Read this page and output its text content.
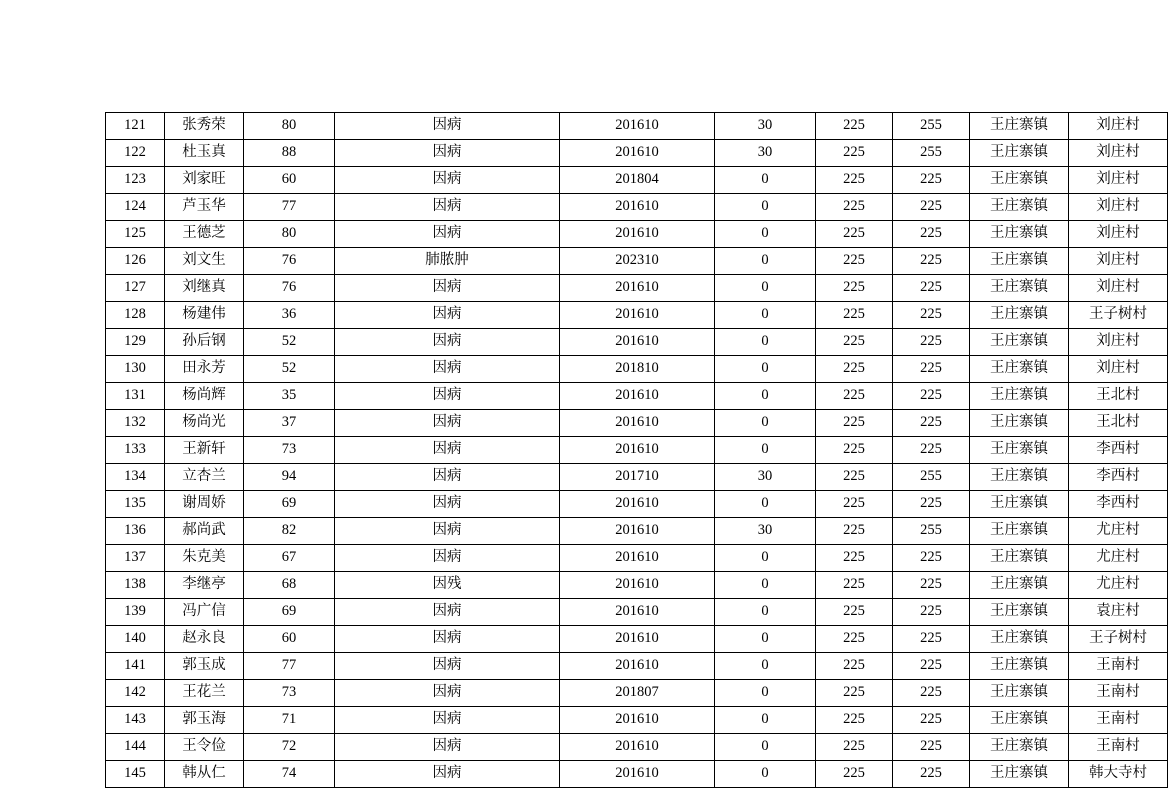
121	张秀荣	80	因病	201610	30	225	255	王庄寨镇	刘庄村
122	杜玉真	88	因病	201610	30	225	255	王庄寨镇	刘庄村
123	刘家旺	60	因病	201804	0	225	225	王庄寨镇	刘庄村
124	芦玉华	77	因病	201610	0	225	225	王庄寨镇	刘庄村
125	王德芝	80	因病	201610	0	225	225	王庄寨镇	刘庄村
126	刘文生	76	肺脓肿	202310	0	225	225	王庄寨镇	刘庄村
127	刘继真	76	因病	201610	0	225	225	王庄寨镇	刘庄村
128	杨建伟	36	因病	201610	0	225	225	王庄寨镇	王子树村
129	孙后钢	52	因病	201610	0	225	225	王庄寨镇	刘庄村
130	田永芳	52	因病	201810	0	225	225	王庄寨镇	刘庄村
131	杨尚辉	35	因病	201610	0	225	225	王庄寨镇	王北村
132	杨尚光	37	因病	201610	0	225	225	王庄寨镇	王北村
133	王新轩	73	因病	201610	0	225	225	王庄寨镇	李西村
134	立杏兰	94	因病	201710	30	225	255	王庄寨镇	李西村
135	谢周娇	69	因病	201610	0	225	225	王庄寨镇	李西村
136	郝尚武	82	因病	201610	30	225	255	王庄寨镇	尤庄村
137	朱克美	67	因病	201610	0	225	225	王庄寨镇	尤庄村
138	李继亭	68	因残	201610	0	225	225	王庄寨镇	尤庄村
139	冯广信	69	因病	201610	0	225	225	王庄寨镇	袁庄村
140	赵永良	60	因病	201610	0	225	225	王庄寨镇	王子树村
141	郭玉成	77	因病	201610	0	225	225	王庄寨镇	王南村
142	王花兰	73	因病	201807	0	225	225	王庄寨镇	王南村
143	郭玉海	71	因病	201610	0	225	225	王庄寨镇	王南村
144	王令俭	72	因病	201610	0	225	225	王庄寨镇	王南村
145	韩从仁	74	因病	201610	0	225	225	王庄寨镇	韩大寺村
